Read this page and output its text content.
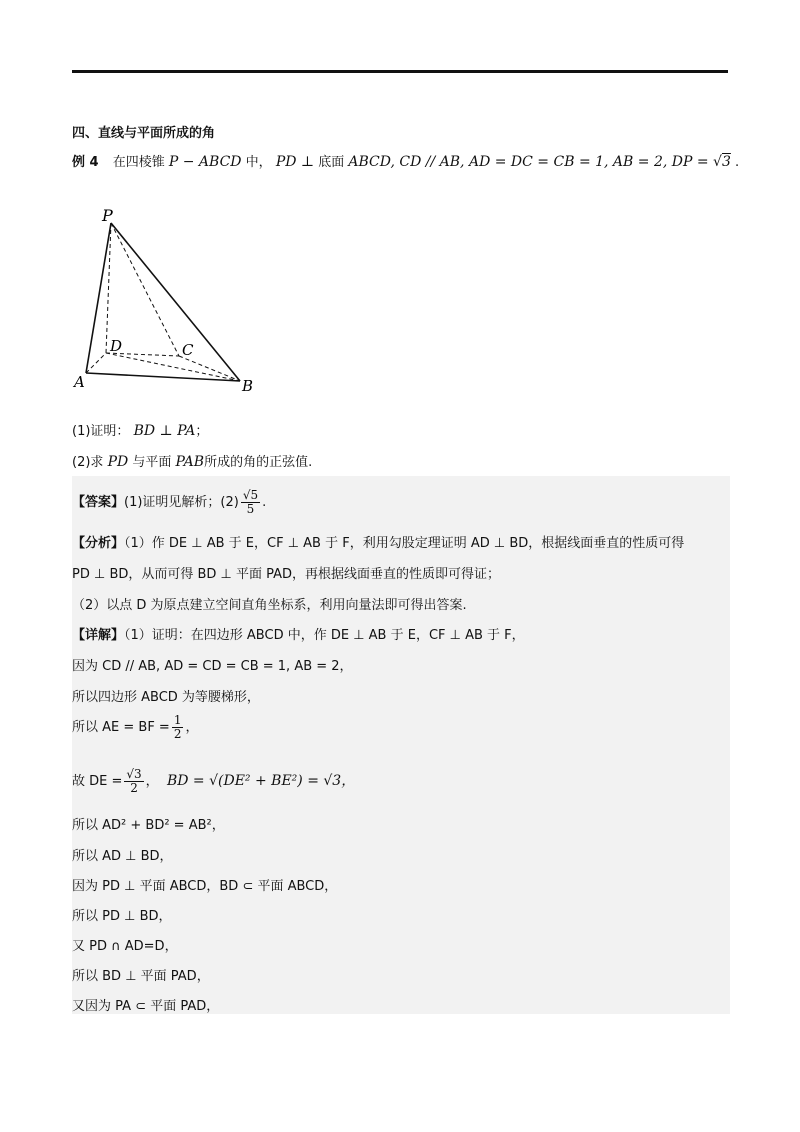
四、直线与平面所成的角
例 4 在四棱锥 P − ABCD 中， PD ⊥ 底面 ABCD, CD // AB, AD = DC = CB = 1, AB = 2, DP = √3 .
P
D	C
A	B
(1)证明： BD ⊥ PA；
(2)求 PD 与平面 PAB所成的角的正弦值.
【答案】(1)证明见解析；$(2) \frac{√5}{5}$ .
【分析】（1）作 DE ⊥ AB 于 E，CF ⊥ AB 于 F，利用勾股定理证明 AD ⊥ BD，根据线面垂直的性质可得
PD ⊥ BD，从而可得 BD ⊥ 平面 PAD，再根据线面垂直的性质即可得证；
（2）以点 D 为原点建立空间直角坐标系，利用向量法即可得出答案.
【详解】（1）证明：在四边形 ABCD 中，作 DE ⊥ AB 于 E，CF ⊥ AB 于 F，
因为 CD // AB, AD = CD = CB = 1, AB = 2，
所以四边形 ABCD 为等腰梯形，
所以 AE = BF = $\frac{1}{2}$ ，
故 DE = $\frac{√3}{2}$ ， BD = √(DE² + BE²) = √3，
所以 AD² + BD² = AB²，
所以 AD ⊥ BD，
因为 PD ⊥ 平面 ABCD，BD ⊂ 平面 ABCD，
所以 PD ⊥ BD，
又 PD ∩ AD=D，
所以 BD ⊥ 平面 PAD，
又因为 PA ⊂ 平面 PAD，
